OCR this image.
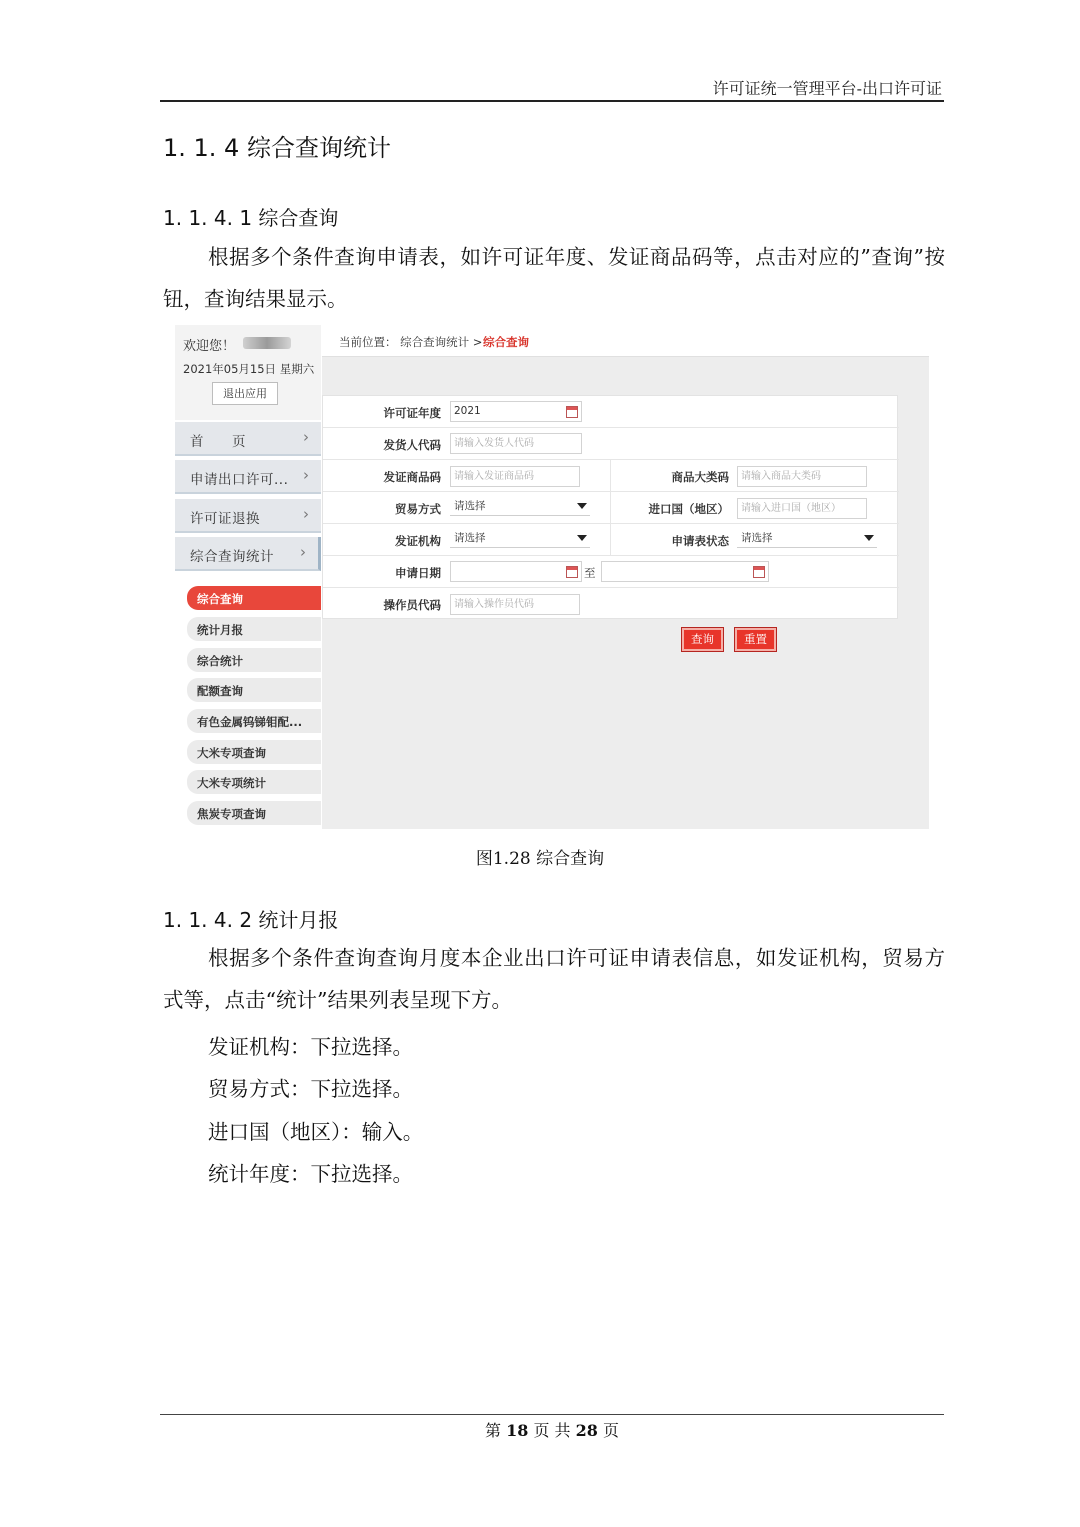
许可证统一管理平台-出口许可证
1. 1. 4 综合查询统计
1. 1. 4. 1 综合查询
根据多个条件查询申请表，如许可证年度、发证商品码等，点击对应的”查询”按钮，查询结果显示。
欢迎您！
2021年05月15日 星期六
退出应用
首　　页	›
申请出口许可... ›
许可证退换	›
综合查询统计 ›
综合查询
统计月报
综合统计
配额查询
有色金属钨锑钼配...
大米专项查询
大米专项统计
焦炭专项查询
当前位置： 综合查询统计 > 综合查询
许可证年度	2021
发货人代码	请输入发货人代码
发证商品码	请输入发证商品码	商品大类码	请输入商品大类码
贸易方式	请选择	进口国（地区）	请输入进口国（地区）
发证机构	请选择	申请表状态	请选择
申请日期	至
操作员代码	请输入操作员代码
查询	重置
图1.28 综合查询
1. 1. 4. 2 统计月报
根据多个条件查询查询月度本企业出口许可证申请表信息，如发证机构，贸易方式等，点击“统计”结果列表呈现下方。
发证机构：下拉选择。
贸易方式：下拉选择。
进口国（地区）：输入。
统计年度：下拉选择。
第 18 页 共 28 页
